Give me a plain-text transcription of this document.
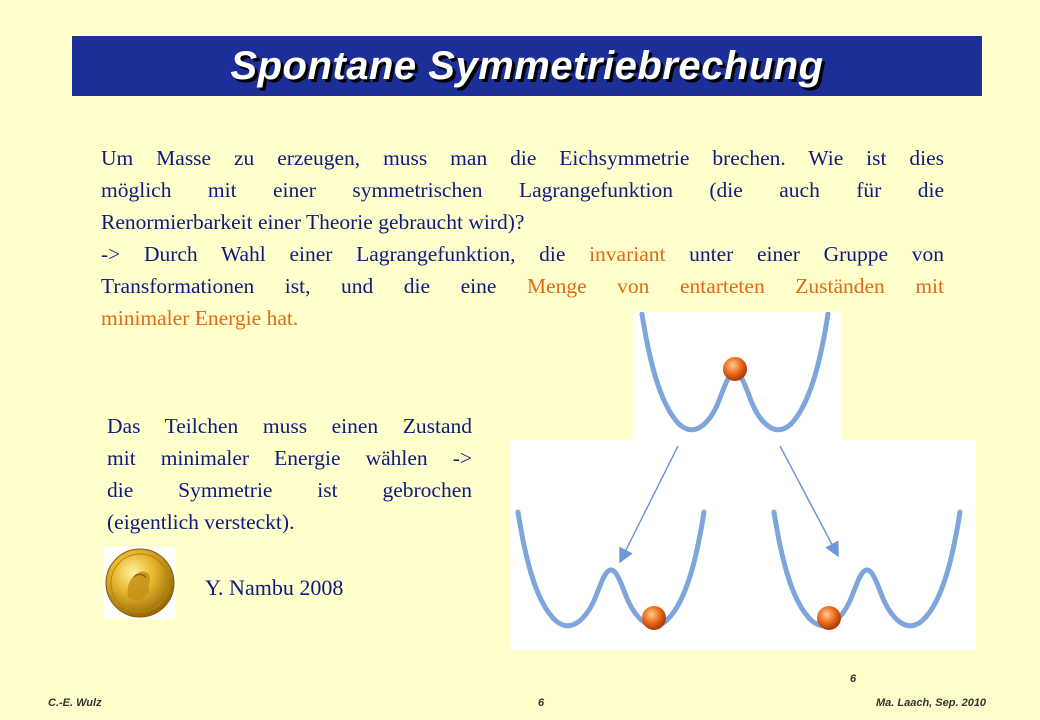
Spontane Symmetriebrechung
Um Masse zu erzeugen, muss man die Eichsymmetrie brechen. Wie ist dies
möglich mit einer symmetrischen Lagrangefunktion (die auch für die
Renormierbarkeit einer Theorie gebraucht wird)?
-> Durch Wahl einer Lagrangefunktion, die invariant unter einer Gruppe von
Transformationen ist, und die eine Menge von entarteten Zuständen mit
minimaler Energie hat.
Das Teilchen muss einen Zustand
mit minimaler Energie wählen ->
die Symmetrie ist gebrochen
(eigentlich versteckt).
Y. Nambu 2008
6
C.-E. Wulz	6	Ma. Laach, Sep. 2010
